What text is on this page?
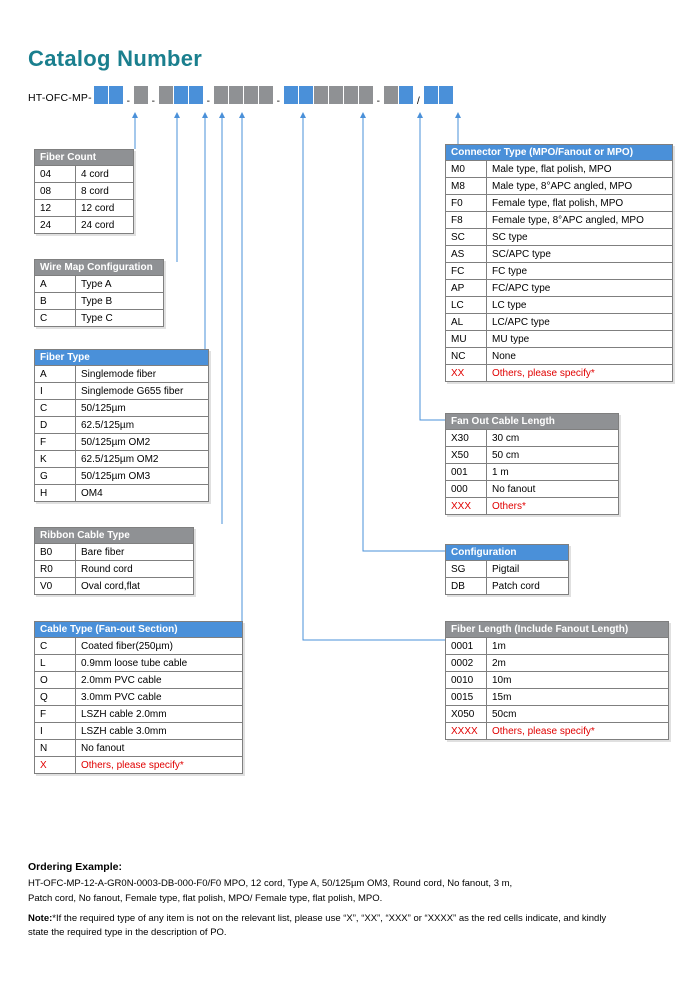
Catalog Number
HT-OFC-MP-	- -	-	-	-	/
Fiber Count	
04	4 cord
08	8 cord
12	12 cord
24	24 cord
Wire Map Configuration	
A	Type A
B	Type B
C	Type C
Fiber Type	
A	Singlemode fiber
I	Singlemode G655 fiber
C	50/125µm
D	62.5/125µm
F	50/125µm OM2
K	62.5/125µm OM2
G	50/125µm OM3
H	OM4
Ribbon Cable Type	
B0	Bare fiber
R0	Round cord
V0	Oval cord,flat
Cable Type (Fan-out Section)	
C	Coated fiber(250µm)
L	0.9mm loose tube cable
O	2.0mm PVC cable
Q	3.0mm PVC cable
F	LSZH cable 2.0mm
I	LSZH cable 3.0mm
N	No fanout
X	Others, please specify*
Connector Type (MPO/Fanout or MPO)	
M0	Male type, flat polish, MPO
M8	Male type, 8°APC angled, MPO
F0	Female type, flat polish, MPO
F8	Female type, 8°APC angled, MPO
SC	SC type
AS	SC/APC type
FC	FC type
AP	FC/APC type
LC	LC type
AL	LC/APC type
MU	MU type
NC	None
XX	Others, please specify*
Fan Out Cable Length	
X30	30 cm
X50	50 cm
001	1 m
000	No fanout
XXX	Others*
Configuration	
SG	Pigtail
DB	Patch cord
Fiber Length (Include Fanout Length)	
0001	1m
0002	2m
0010	10m
0015	15m
X050	50cm
XXXX	Others, please specify*
Ordering Example:
HT-OFC-MP-12-A-GR0N-0003-DB-000-F0/F0 MPO, 12 cord, Type A, 50/125µm OM3, Round cord, No fanout, 3 m,
Patch cord, No fanout, Female type, flat polish, MPO/ Female type, flat polish, MPO.
Note:*If the required type of any item is not on the relevant list, please use “X”, “XX”, “XXX” or “XXXX” as the red cells indicate, and kindly
state the required type in the description of PO.
